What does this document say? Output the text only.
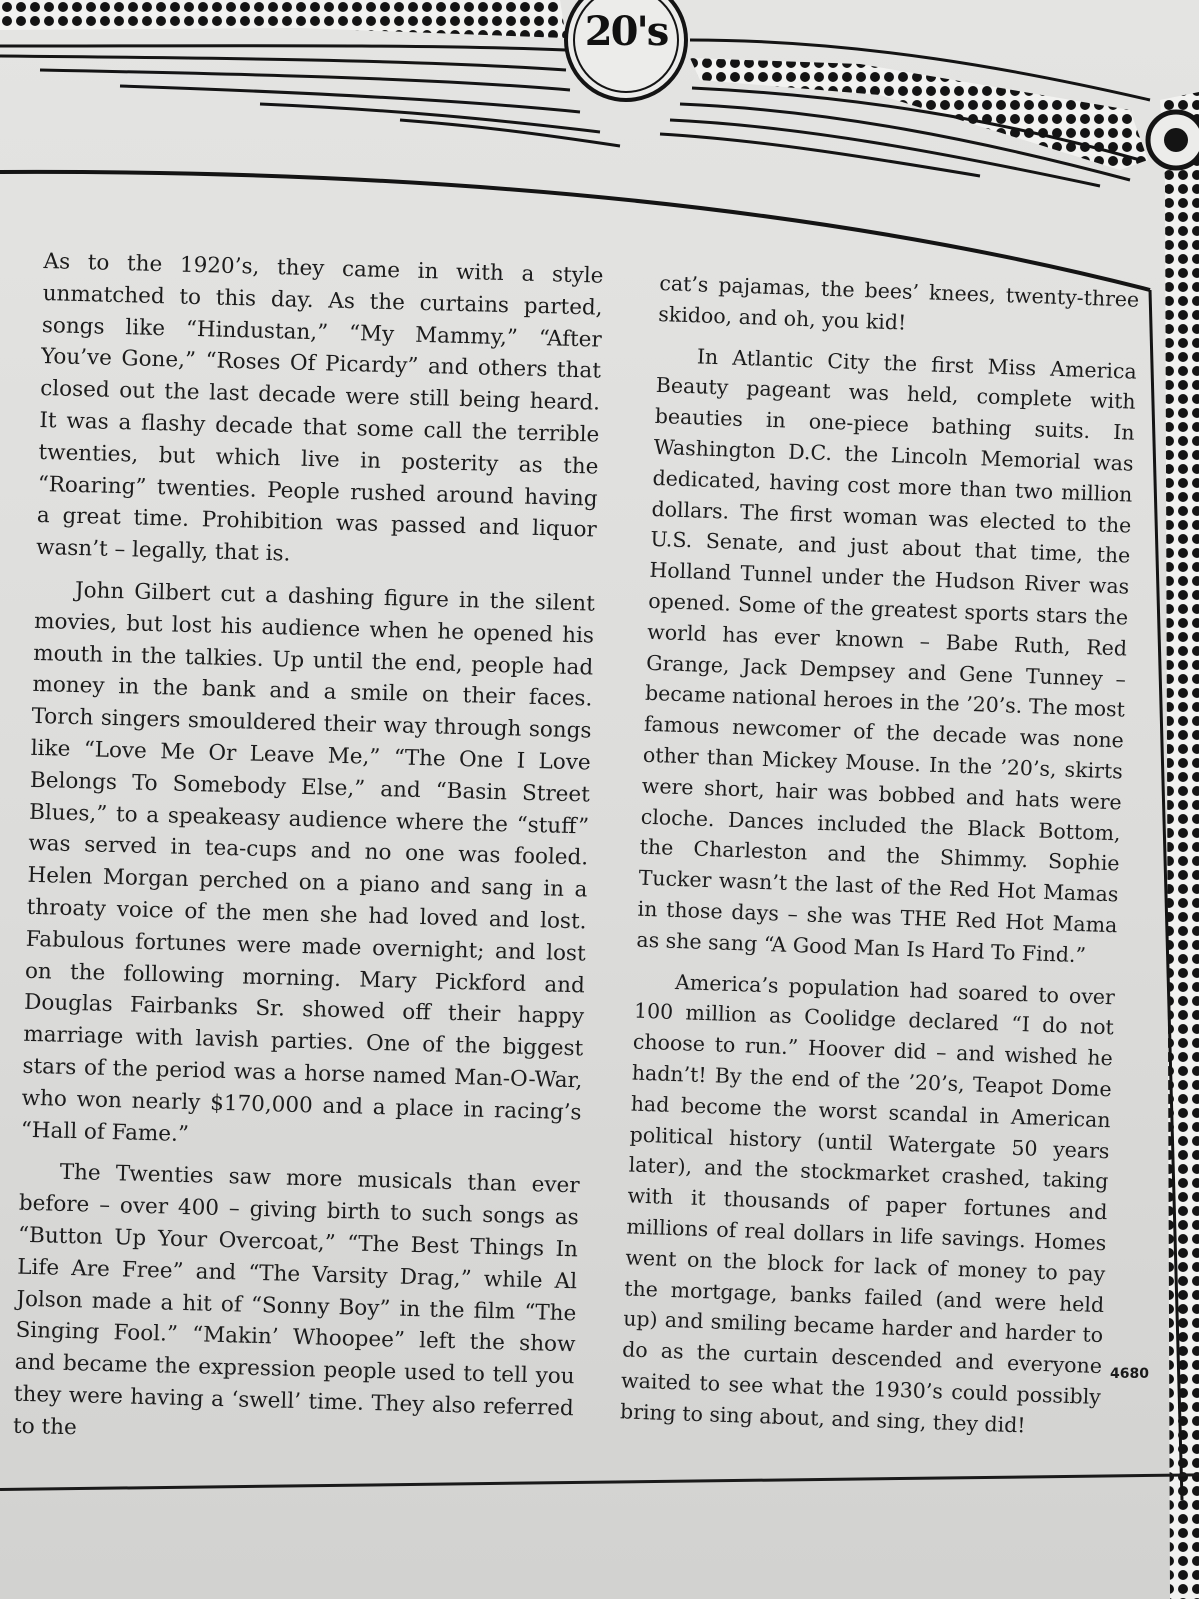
20's

As to the 1920’s, they came in with a style unmatched to this day. As the curtains parted, songs like “Hindustan,” “My Mammy,” “After You’ve Gone,” “Roses Of Picardy” and others that closed out the last decade were still being heard. It was a flashy decade that some call the terrible twenties, but which live in posterity as the “Roaring” twenties. People rushed around having a great time. Prohibition was passed and liquor wasn’t – legally, that is.

John Gilbert cut a dashing figure in the silent movies, but lost his audience when he opened his mouth in the talkies. Up until the end, people had money in the bank and a smile on their faces. Torch singers smouldered their way through songs like “Love Me Or Leave Me,” “The One I Love Belongs To Somebody Else,” and “Basin Street Blues,” to a speakeasy audience where the “stuff” was served in tea-cups and no one was fooled. Helen Morgan perched on a piano and sang in a throaty voice of the men she had loved and lost. Fabulous fortunes were made overnight; and lost on the following morning. Mary Pickford and Douglas Fairbanks Sr. showed off their happy marriage with lavish parties. One of the biggest stars of the period was a horse named Man-O-War, who won nearly $170,000 and a place in racing’s “Hall of Fame.”

The Twenties saw more musicals than ever before – over 400 – giving birth to such songs as “Button Up Your Overcoat,” “The Best Things In Life Are Free” and “The Varsity Drag,” while Al Jolson made a hit of “Sonny Boy” in the film “The Singing Fool.” “Makin’ Whoopee” left the show and became the expression people used to tell you they were having a ‘swell’ time. They also referred to the

cat’s pajamas, the bees’ knees, twenty-three skidoo, and oh, you kid!

In Atlantic City the first Miss America Beauty pageant was held, complete with beauties in one-piece bathing suits. In Washington D.C. the Lincoln Memorial was dedicated, having cost more than two million dollars. The first woman was elected to the U.S. Senate, and just about that time, the Holland Tunnel under the Hudson River was opened. Some of the greatest sports stars the world has ever known – Babe Ruth, Red Grange, Jack Dempsey and Gene Tunney – became national heroes in the ’20’s. The most famous newcomer of the decade was none other than Mickey Mouse. In the ’20’s, skirts were short, hair was bobbed and hats were cloche. Dances included the Black Bottom, the Charleston and the Shimmy. Sophie Tucker wasn’t the last of the Red Hot Mamas in those days – she was THE Red Hot Mama as she sang “A Good Man Is Hard To Find.”

America’s population had soared to over 100 million as Coolidge declared “I do not choose to run.” Hoover did – and wished he hadn’t! By the end of the ’20’s, Teapot Dome had become the worst scandal in American political history (until Watergate 50 years later), and the stockmarket crashed, taking with it thousands of paper fortunes and millions of real dollars in life savings. Homes went on the block for lack of money to pay the mortgage, banks failed (and were held up) and smiling became harder and harder to do as the curtain descended and everyone waited to see what the 1930’s could possibly bring to sing about, and sing, they did!

4680
